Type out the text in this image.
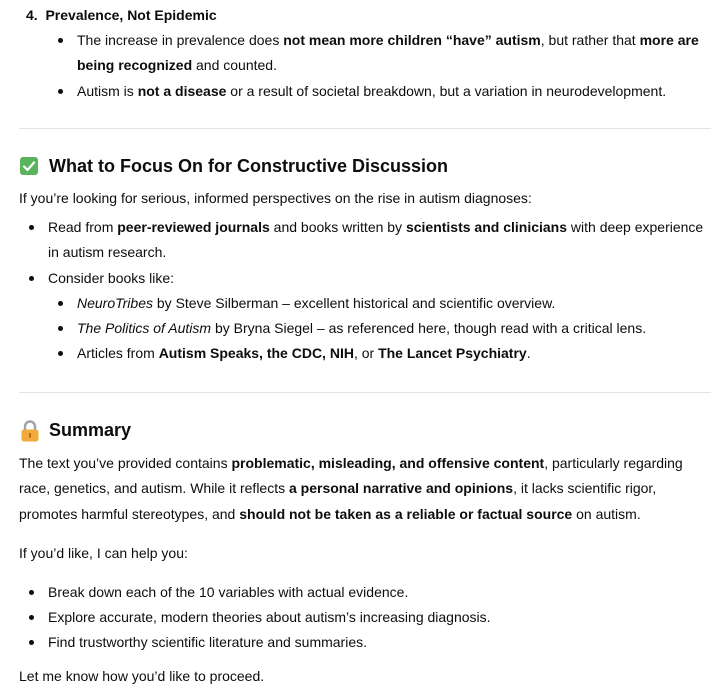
4. Prevalence, Not Epidemic
The increase in prevalence does not mean more children “have” autism, but rather that more are
being recognized and counted.
Autism is not a disease or a result of societal breakdown, but a variation in neurodevelopment.
What to Focus On for Constructive Discussion
If you’re looking for serious, informed perspectives on the rise in autism diagnoses:
Read from peer-reviewed journals and books written by scientists and clinicians with deep experience
in autism research.
Consider books like:
NeuroTribes by Steve Silberman – excellent historical and scientific overview.
The Politics of Autism by Bryna Siegel – as referenced here, though read with a critical lens.
Articles from Autism Speaks, the CDC, NIH, or The Lancet Psychiatry.
Summary
The text you’ve provided contains problematic, misleading, and offensive content, particularly regarding
race, genetics, and autism. While it reflects a personal narrative and opinions, it lacks scientific rigor,
promotes harmful stereotypes, and should not be taken as a reliable or factual source on autism.
If you’d like, I can help you:
Break down each of the 10 variables with actual evidence.
Explore accurate, modern theories about autism’s increasing diagnosis.
Find trustworthy scientific literature and summaries.
Let me know how you’d like to proceed.
